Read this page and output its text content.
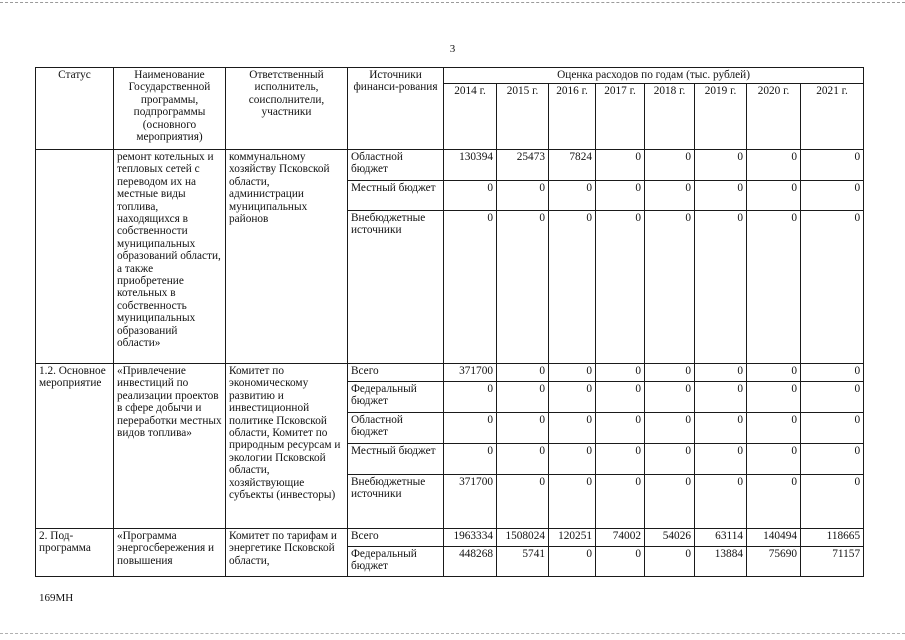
3
Статус	Наименование Государственной программы, подпрограммы (основного мероприятия)	Ответственный исполнитель, соисполнители, участники	Источники финанси-рования	Оценка расходов по годам (тыс. рублей)							
				2014 г.	2015 г.	2016 г.	2017 г.	2018 г.	2019 г.	2020 г.	2021 г.
	ремонт котельных и тепловых сетей с переводом их на местные виды топлива, находящихся в собственности муниципальных образований области, а также приобретение котельных в собственность муниципальных образований области»	коммунальному хозяйству Псковской области, администрации муниципальных районов	Областной бюджет	130394	25473	7824	0	0	0	0	0
			Местный бюджет	0	0	0	0	0	0	0	0
			Внебюджетные источники	0	0	0	0	0	0	0	0
1.2. Основное мероприятие	«Привлечение инвестиций по реализации проектов в сфере добычи и переработки местных видов топлива»	Комитет по экономическому развитию и инвестиционной политике Псковской области, Комитет по природным ресурсам и экологии Псковской области, хозяйствующие субъекты (инвесторы)	Всего	371700	0	0	0	0	0	0	0
			Федеральный бюджет	0	0	0	0	0	0	0	0
			Областной бюджет	0	0	0	0	0	0	0	0
			Местный бюджет	0	0	0	0	0	0	0	0
			Внебюджетные источники	371700	0	0	0	0	0	0	0
2. Под-программа	«Программа энергосбережения и повышения	Комитет по тарифам и энергетике Псковской области,	Всего	1963334	1508024	120251	74002	54026	63114	140494	118665
			Федеральный бюджет	448268	5741	0	0	0	13884	75690	71157
169МН
